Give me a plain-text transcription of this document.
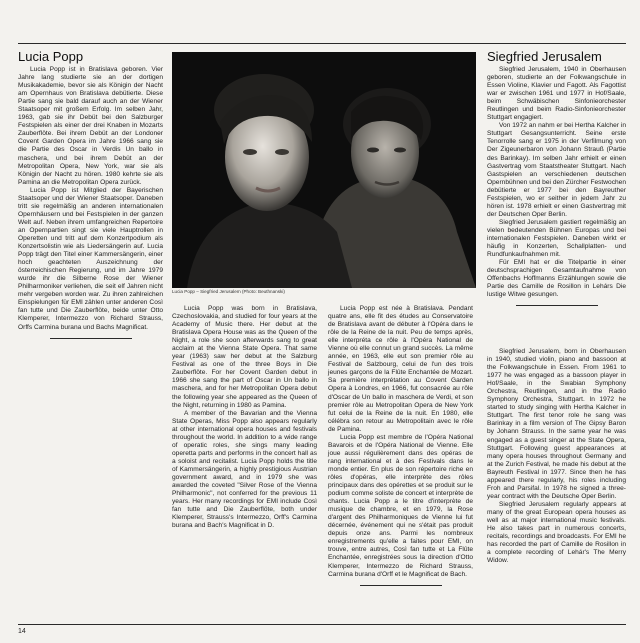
Lucia Popp	Siegfried Jerusalem

Lucia Popp ist in Bratislava geboren. Vier Jahre lang studierte sie an der dortigen Musikakademie, bevor sie als Königin der Nacht am Opernhaus von Bratislava debütierte. Diese Partie sang sie bald darauf auch an der Wiener Staatsoper mit großem Erfolg. Im selben Jahr, 1963, gab sie ihr Debüt bei den Salzburger Festspielen als einer der drei Knaben in Mozarts Zauberflöte. Bei ihrem Debüt an der Londoner Covent Garden Opera im Jahre 1966 sang sie die Partie des Oscar in Verdis Un ballo in maschera, und bei ihrem Debüt an der Metropolitan Opera, New York, war sie als Königin der Nacht zu hören. 1980 kehrte sie als Pamina an die Metropolitan Opera zurück.

Lucia Popp ist Mitglied der Bayerischen Staatsoper und der Wiener Staatsoper. Daneben tritt sie regelmäßig an anderen internationalen Opernhäusern und bei Festspielen in der ganzen Welt auf. Neben ihrem umfangreichen Repertoire an Opernpartien singt sie viele Hauptrollen in Operetten und tritt auf dem Konzertpodium als Konzertsolistin wie als Liedersängerin auf. Lucia Popp trägt den Titel einer Kammersängerin, einer hoch geachteten Auszeichnung der österreichischen Regierung, und im Jahre 1979 wurde ihr die Silberne Rose der Wiener Philharmoniker verliehen, die seit elf Jahren nicht mehr vergeben worden war. Zu ihren zahlreichen Einspielungen für EMI zählen unter anderen Così fan tutte und Die Zauberflöte, beide unter Otto Klemperer, Intermezzo von Richard Strauss, Orffs Carmina burana und Bachs Magnificat.

Lucia Popp – Siegfried Jerusalem (Photo: Beuthnanski)

Lucia Popp was born in Bratislava, Czechoslovakia, and studied for four years at the Academy of Music there. Her debut at the Bratislava Opera House was as the Queen of the Night, a role she soon afterwards sang to great acclaim at the Vienna State Opera. That same year (1963) saw her debut at the Salzburg Festival as one of the three Boys in Die Zauberflöte. For her Covent Garden debut in 1966 she sang the part of Oscar in Un ballo in maschera, and for her Metropolitan Opera debut the following year she appeared as the Queen of the Night, returning in 1980 as Pamina.

A member of the Bavarian and the Vienna State Operas, Miss Popp also appears regularly at other international opera houses and festivals throughout the world. In addition to a wide range of operatic roles, she sings many leading operetta parts and performs in the concert hall as a soloist and recitalist. Lucia Popp holds the title of Kammersängerin, a highly prestigious Austrian government award, and in 1979 she was awarded the coveted "Silver Rose of the Vienna Philharmonic", not conferred for the previous 11 years. Her many recordings for EMI include Così fan tutte and Die Zauberflöte, both under Klemperer, Strauss's Intermezzo, Orff's Carmina burana and Bach's Magnificat in D.

Lucia Popp est née à Bratislava. Pendant quatre ans, elle fit des études au Conservatoire de Bratislava avant de débuter à l'Opéra dans le rôle de la Reine de la nuit. Peu de temps après, elle interpréta ce rôle à l'Opéra National de Vienne où elle connut un grand succès. La même année, en 1963, elle eut son premier rôle au Festival de Salzbourg, celui de l'un des trois jeunes garçons de la Flûte Enchantée de Mozart. Sa première interprétation au Covent Garden Opera à Londres, en 1966, fut consacrée au rôle d'Oscar de Un ballo in maschera de Verdi, et son premier rôle au Metropolitan Opera de New York fut celui de la Reine de la nuit. En 1980, elle célébra son retour au Metropolitain avec le rôle de Pamina.

Lucia Popp est membre de l'Opéra National Bavarois et de l'Opéra National de Vienne. Elle joue aussi régulièrement dans des opéras de rang international et à des Festivals dans le monde entier. En plus de son répertoire riche en rôles d'opéras, elle interprète des rôles principaux dans des opérettes et se produit sur le podium comme soliste de concert et interprète de chants. Lucia Popp a le titre d'interprète de musique de chambre, et en 1979, la Rose d'argent des Philharmoniques de Vienne lui fut décernée, événement qui ne s'était pas produit depuis onze ans. Parmi les nombreux enregistrements qu'elle a faites pour EMI, on trouve, entre autres, Così fan tutte et La Flûte Enchantée, enregistrées sous la direction d'Otto Klemperer, Intermezzo de Richard Strauss, Carmina burana d'Orff et le Magnificat de Bach.

Siegfried Jerusalem, 1940 in Oberhausen geboren, studierte an der Folkwangschule in Essen Violine, Klavier und Fagott. Als Fagottist war er zwischen 1961 und 1977 in Hof/Saale, beim Schwäbischen Sinfonieorchester Reutlingen und beim Radio-Sinfonieorchester Stuttgart engagiert.

Von 1972 an nahm er bei Hertha Kalcher in Stuttgart Gesangsunterricht. Seine erste Tenorrolle sang er 1975 in der Verfilmung von Der Zigeunerbaron von Johann Strauß (Partie des Barinkay). Im selben Jahr erhielt er einen Gastvertrag vom Staatstheater Stuttgart. Nach Gastspielen an verschiedenen deutschen Opernbühnen und bei den Zürcher Festwochen debütierte er 1977 bei den Bayreuther Festspielen, wo er seither in jedem Jahr zu hören ist. 1978 erhielt er einen Gastvertrag mit der Deutschen Oper Berlin.

Siegfried Jerusalem gastiert regelmäßig an vielen bedeutenden Bühnen Europas und bei internationalen Festspielen. Daneben wirkt er häufig in Konzerten, Schallplatten- und Rundfunkaufnahmen mit.

Für EMI hat er die Titelpartie in einer deutschsprachigen Gesamtaufnahme von Offenbachs Hoffmanns Erzählungen sowie die Partie des Camille de Rosillon in Lehárs Die lustige Witwe gesungen.

Siegfried Jerusalem, born in Oberhausen in 1940, studied violin, piano and bassoon at the Folkwangschule in Essen. From 1961 to 1977 he was engaged as a bassoon player in Hof/Saale, in the Swabian Symphony Orchestra, Reutlingen, and in the Radio Symphony Orchestra, Stuttgart. In 1972 he started to study singing with Hertha Kalcher in Stuttgart. The first tenor role he sang was Barinkay in a film version of The Gipsy Baron by Johann Strauss. In the same year he was engaged as a guest singer at the State Opera, Stuttgart. Following guest appearances at many opera houses throughout Germany and at the Zurich Festival, he made his debut at the Bayreuth Festival in 1977. Since then he has appeared there regularly, his roles including Froh and Parsifal. In 1978 he signed a three-year contract with the Deutsche Oper Berlin.

Siegfried Jerusalem regularly appears at many of the great European opera houses as well as at major international music festivals. He also takes part in numerous concerts, recitals, recordings and broadcasts. For EMI he has recorded the part of Camille de Rosillon in a complete recording of Lehár's The Merry Widow.

14
